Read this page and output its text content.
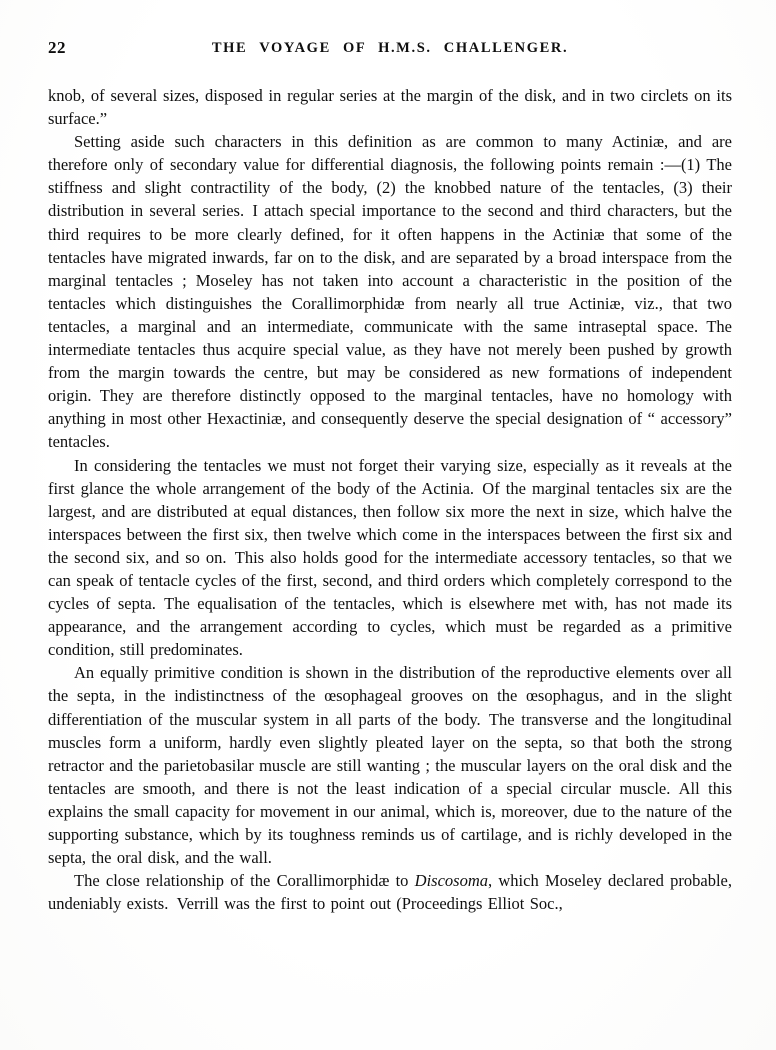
22	THE VOYAGE OF H.M.S. CHALLENGER.

knob, of several sizes, disposed in regular series at the margin of the disk, and in two circlets on its surface.”

Setting aside such characters in this definition as are common to many Actiniæ, and are therefore only of secondary value for differential diagnosis, the following points remain :—(1) The stiffness and slight contractility of the body, (2) the knobbed nature of the tentacles, (3) their distribution in several series. I attach special importance to the second and third characters, but the third requires to be more clearly defined, for it often happens in the Actiniæ that some of the tentacles have migrated inwards, far on to the disk, and are separated by a broad interspace from the marginal tentacles ; Moseley has not taken into account a characteristic in the position of the tentacles which distinguishes the Corallimorphidæ from nearly all true Actiniæ, viz., that two tentacles, a marginal and an intermediate, communicate with the same intraseptal space. The intermediate tentacles thus acquire special value, as they have not merely been pushed by growth from the margin towards the centre, but may be considered as new formations of independent origin. They are therefore distinctly opposed to the marginal tentacles, have no homology with anything in most other Hexactiniæ, and consequently deserve the special designation of “ accessory” tentacles.

In considering the tentacles we must not forget their varying size, especially as it reveals at the first glance the whole arrangement of the body of the Actinia. Of the marginal tentacles six are the largest, and are distributed at equal distances, then follow six more the next in size, which halve the interspaces between the first six, then twelve which come in the interspaces between the first six and the second six, and so on. This also holds good for the intermediate accessory tentacles, so that we can speak of tentacle cycles of the first, second, and third orders which completely correspond to the cycles of septa. The equalisation of the tentacles, which is elsewhere met with, has not made its appearance, and the arrangement according to cycles, which must be regarded as a primitive condition, still predominates.

An equally primitive condition is shown in the distribution of the reproductive elements over all the septa, in the indistinctness of the œsophageal grooves on the œsophagus, and in the slight differentiation of the muscular system in all parts of the body. The transverse and the longitudinal muscles form a uniform, hardly even slightly pleated layer on the septa, so that both the strong retractor and the parietobasilar muscle are still wanting ; the muscular layers on the oral disk and the tentacles are smooth, and there is not the least indication of a special circular muscle. All this explains the small capacity for movement in our animal, which is, moreover, due to the nature of the supporting substance, which by its toughness reminds us of cartilage, and is richly developed in the septa, the oral disk, and the wall.

The close relationship of the Corallimorphidæ to Discosoma, which Moseley declared probable, undeniably exists. Verrill was the first to point out (Proceedings Elliot Soc.,
